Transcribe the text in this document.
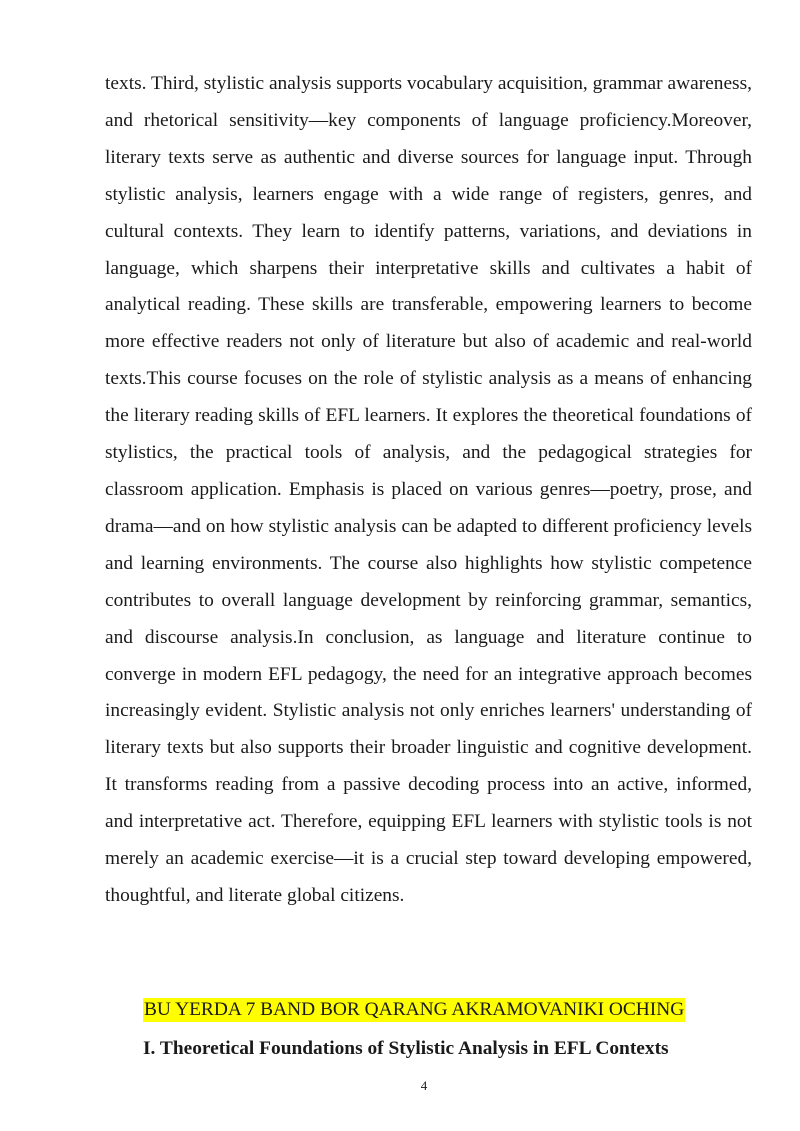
texts. Third, stylistic analysis supports vocabulary acquisition, grammar awareness, and rhetorical sensitivity—key components of language proficiency.Moreover, literary texts serve as authentic and diverse sources for language input. Through stylistic analysis, learners engage with a wide range of registers, genres, and cultural contexts. They learn to identify patterns, variations, and deviations in language, which sharpens their interpretative skills and cultivates a habit of analytical reading. These skills are transferable, empowering learners to become more effective readers not only of literature but also of academic and real-world texts.This course focuses on the role of stylistic analysis as a means of enhancing the literary reading skills of EFL learners. It explores the theoretical foundations of stylistics, the practical tools of analysis, and the pedagogical strategies for classroom application. Emphasis is placed on various genres—poetry, prose, and drama—and on how stylistic analysis can be adapted to different proficiency levels and learning environments. The course also highlights how stylistic competence contributes to overall language development by reinforcing grammar, semantics, and discourse analysis.In conclusion, as language and literature continue to converge in modern EFL pedagogy, the need for an integrative approach becomes increasingly evident. Stylistic analysis not only enriches learners' understanding of literary texts but also supports their broader linguistic and cognitive development. It transforms reading from a passive decoding process into an active, informed, and interpretative act. Therefore, equipping EFL learners with stylistic tools is not merely an academic exercise—it is a crucial step toward developing empowered, thoughtful, and literate global citizens.

BU YERDA 7 BAND BOR QARANG AKRAMOVANIKI OCHING

I. Theoretical Foundations of Stylistic Analysis in EFL Contexts

4
